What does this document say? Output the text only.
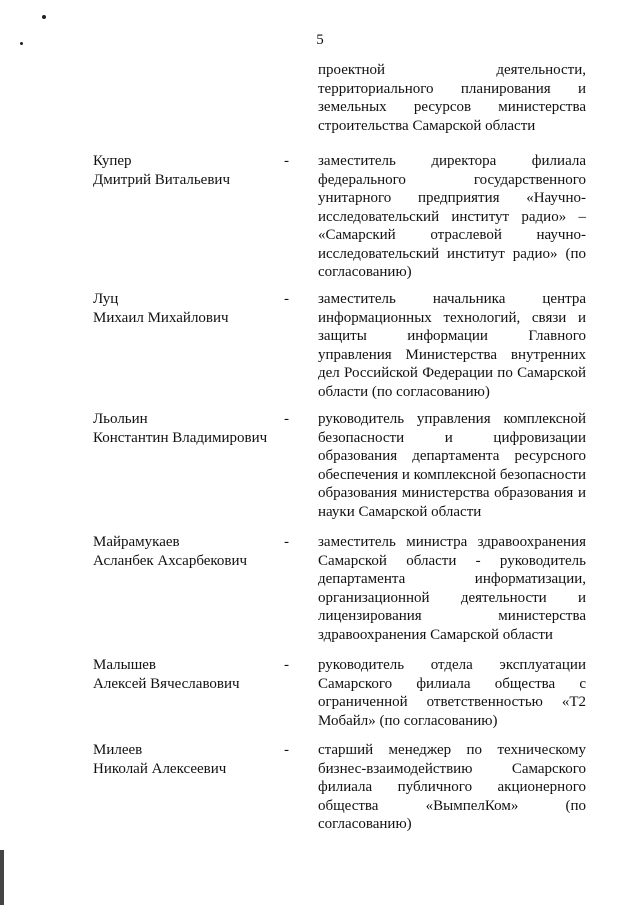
5
проектной деятельности, территориального планирования и земельных ресурсов министерства строительства Самарской области
Купер
Дмитрий Витальевич
- заместитель директора филиала федерального государственного унитарного предприятия «Научно-исследовательский институт радио» – «Самарский отраслевой научно-исследовательский институт радио» (по согласованию)
Луц
Михаил Михайлович
- заместитель начальника центра информационных технологий, связи и защиты информации Главного управления Министерства внутренних дел Российской Федерации по Самарской области (по согласованию)
Льольин
Константин Владимирович
- руководитель управления комплексной безопасности и цифровизации образования департамента ресурсного обеспечения и комплексной безопасности образования министерства образования и науки Самарской области
Майрамукаев
Асланбек Ахсарбекович
- заместитель министра здравоохранения Самарской области - руководитель департамента информатизации, организационной деятельности и лицензирования министерства здравоохранения Самарской области
Малышев
Алексей Вячеславович
- руководитель отдела эксплуатации Самарского филиала общества с ограниченной ответственностью «Т2 Мобайл» (по согласованию)
Милеев
Николай Алексеевич
- старший менеджер по техническому бизнес-взаимодействию Самарского филиала публичного акционерного общества «ВымпелКом» (по согласованию)
